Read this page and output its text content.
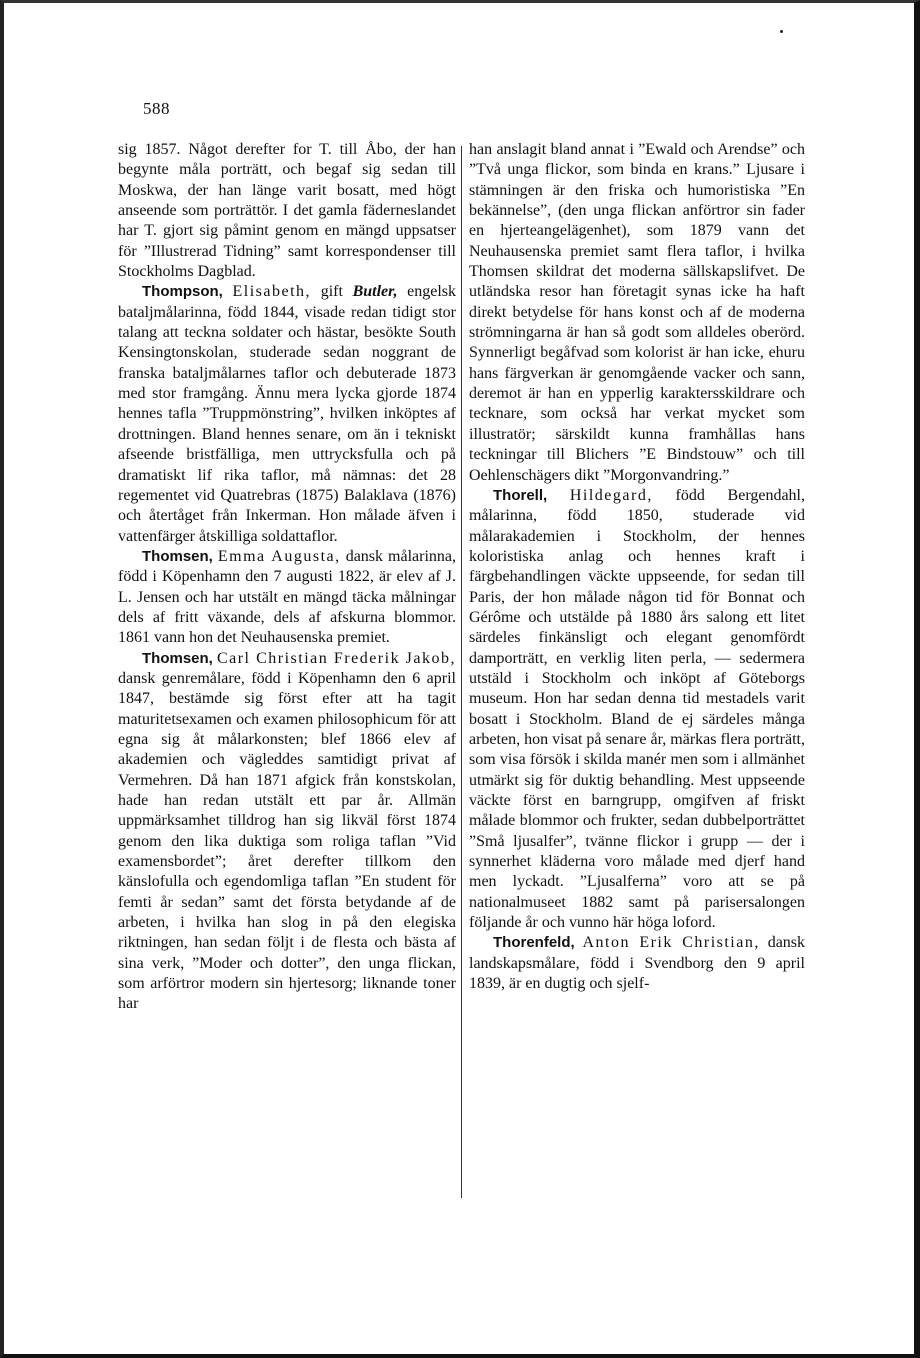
588

sig 1857. Något derefter for T. till Åbo, der han begynte måla porträtt, och begaf sig sedan till Moskwa, der han länge varit bosatt, med högt anseende som porträttör. I det gamla fäderneslandet har T. gjort sig påmint genom en mängd uppsatser för ”Illustrerad Tidning” samt korrespondenser till Stockholms Dagblad.

Thompson, Elisabeth, gift Butler, engelsk bataljmålarinna, född 1844, visade redan tidigt stor talang att teckna soldater och hästar, besökte South Kensingtonskolan, studerade sedan noggrant de franska bataljmålarnes taflor och debuterade 1873 med stor framgång. Ännu mera lycka gjorde 1874 hennes tafla ”Truppmönstring”, hvilken inköptes af drottningen. Bland hennes senare, om än i tekniskt afseende bristfälliga, men uttrycksfulla och på dramatiskt lif rika taflor, må nämnas: det 28 regementet vid Quatrebras (1875) Balaklava (1876) och återtåget från Inkerman. Hon målade äfven i vattenfärger åtskilliga soldattaflor.

Thomsen, Emma Augusta, dansk målarinna, född i Köpenhamn den 7 augusti 1822, är elev af J. L. Jensen och har utstält en mängd täcka målningar dels af fritt växande, dels af afskurna blommor. 1861 vann hon det Neuhausenska premiet.

Thomsen, Carl Christian Frederik Jakob, dansk genremålare, född i Köpenhamn den 6 april 1847, bestämde sig först efter att ha tagit maturitetsexamen och examen philosophicum för att egna sig åt målarkonsten; blef 1866 elev af akademien och vägleddes samtidigt privat af Vermehren. Då han 1871 afgick från konstskolan, hade han redan utstält ett par år. Allmän uppmärksamhet tilldrog han sig likväl först 1874 genom den lika duktiga som roliga taflan ”Vid examensbordet”; året derefter tillkom den känslofulla och egendomliga taflan ”En student för femti år sedan” samt det första betydande af de arbeten, i hvilka han slog in på den elegiska riktningen, han sedan följt i de flesta och bästa af sina verk, ”Moder och dotter”, den unga flickan, som arförtror modern sin hjertesorg; liknande toner har

han anslagit bland annat i ”Ewald och Arendse” och ”Två unga flickor, som binda en krans.” Ljusare i stämningen är den friska och humoristiska ”En bekännelse”, (den unga flickan anförtror sin fader en hjerteangelägenhet), som 1879 vann det Neuhausenska premiet samt flera taflor, i hvilka Thomsen skildrat det moderna sällskapslifvet. De utländska resor han företagit synas icke ha haft direkt betydelse för hans konst och af de moderna strömningarna är han så godt som alldeles oberörd. Synnerligt begåfvad som kolorist är han icke, ehuru hans färgverkan är genomgående vacker och sann, deremot är han en ypperlig karaktersskildrare och tecknare, som också har verkat mycket som illustratör; särskildt kunna framhållas hans teckningar till Blichers ”E Bindstouw” och till Oehlenschägers dikt ”Morgonvandring.”

Thorell, Hildegard, född Bergendahl, målarinna, född 1850, studerade vid målarakademien i Stockholm, der hennes koloristiska anlag och hennes kraft i färgbehandlingen väckte uppseende, for sedan till Paris, der hon målade någon tid för Bonnat och Gérôme och utstälde på 1880 års salong ett litet särdeles finkänsligt och elegant genomfördt damporträtt, en verklig liten perla, — sedermera utstäld i Stockholm och inköpt af Göteborgs museum. Hon har sedan denna tid mestadels varit bosatt i Stockholm. Bland de ej särdeles många arbeten, hon visat på senare år, märkas flera porträtt, som visa försök i skilda manér men som i allmänhet utmärkt sig för duktig behandling. Mest uppseende väckte först en barngrupp, omgifven af friskt målade blommor och frukter, sedan dubbelporträttet ”Små ljusalfer”, tvänne flickor i grupp — der i synnerhet kläderna voro målade med djerf hand men lyckadt. ”Ljusalferna” voro att se på nationalmuseet 1882 samt på parisersalongen följande år och vunno här höga loford.

Thorenfeld, Anton Erik Christian, dansk landskapsmålare, född i Svendborg den 9 april 1839, är en dugtig och sjelf-
